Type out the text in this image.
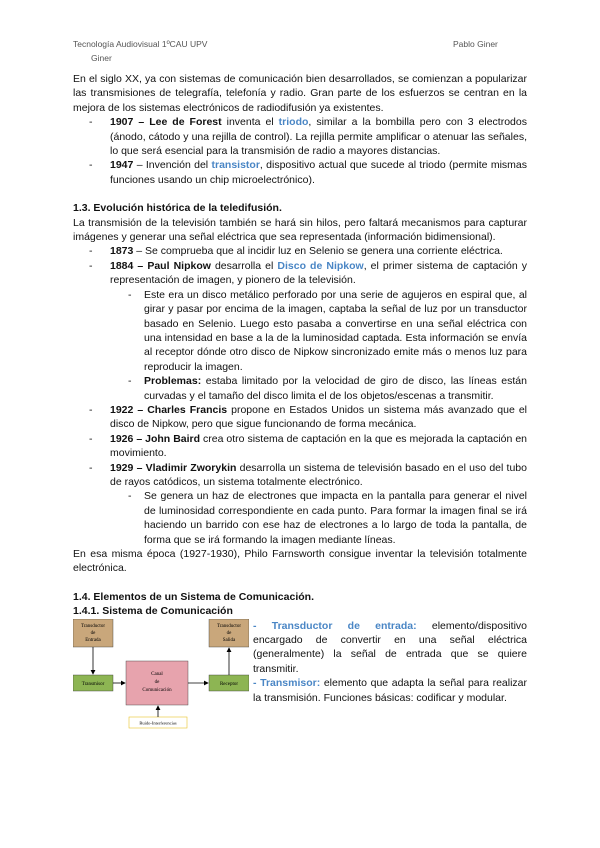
Tecnología Audiovisual 1ºCAU UPV	Pablo Giner
Giner

En el siglo XX, ya con sistemas de comunicación bien desarrollados, se comienzan a popularizar las transmisiones de telegrafía, telefonía y radio. Gran parte de los esfuerzos se centran en la mejora de los sistemas electrónicos de radiodifusión ya existentes.

- 1907 – Lee de Forest inventa el triodo, similar a la bombilla pero con 3 electrodos (ánodo, cátodo y una rejilla de control). La rejilla permite amplificar o atenuar las señales, lo que será esencial para la transmisión de radio a mayores distancias.
- 1947 – Invención del transistor, dispositivo actual que sucede al triodo (permite mismas funciones usando un chip microelectrónico).
1.3. Evolución histórica de la teledifusión.

La transmisión de la televisión también se hará sin hilos, pero faltará mecanismos para capturar imágenes y generar una señal eléctrica que sea representada (información bidimensional).

- 1873 – Se comprueba que al incidir luz en Selenio se genera una corriente eléctrica.
- 1884 – Paul Nipkow desarrolla el Disco de Nipkow, el primer sistema de captación y representación de imagen, y pionero de la televisión.
- Este era un disco metálico perforado por una serie de agujeros en espiral que, al girar y pasar por encima de la imagen, captaba la señal de luz por un transductor basado en Selenio. Luego esto pasaba a convertirse en una señal eléctrica con una intensidad en base a la de la luminosidad captada. Esta información se envía al receptor dónde otro disco de Nipkow sincronizado emite más o menos luz para reproducir la imagen.
- Problemas: estaba limitado por la velocidad de giro de disco, las líneas están curvadas y el tamaño del disco limita el de los objetos/escenas a transmitir.
- 1922 – Charles Francis propone en Estados Unidos un sistema más avanzado que el disco de Nipkow, pero que sigue funcionando de forma mecánica.
- 1926 – John Baird crea otro sistema de captación en la que es mejorada la captación en movimiento.
- 1929 – Vladimir Zworykin desarrolla un sistema de televisión basado en el uso del tubo de rayos catódicos, un sistema totalmente electrónico.
- Se genera un haz de electrones que impacta en la pantalla para generar el nivel de luminosidad correspondiente en cada punto. Para formar la imagen final se irá haciendo un barrido con ese haz de electrones a lo largo de toda la pantalla, de forma que se irá formando la imagen mediante líneas.

En esa misma época (1927-1930), Philo Farnsworth consigue inventar la televisión totalmente electrónica.

1.4. Elementos de un Sistema de Comunicación.
1.4.1. Sistema de Comunicación
Transductor
de
Entrada
Transductor
de
Salida
Transmisor
Canal
de
Comunicación
Receptor
Ruido-Interferencias

- Transductor de entrada: elemento/dispositivo encargado de convertir en una señal eléctrica (generalmente) la señal de entrada que se quiere transmitir.

- Transmisor: elemento que adapta la señal para realizar la transmisión. Funciones básicas: codificar y modular.
